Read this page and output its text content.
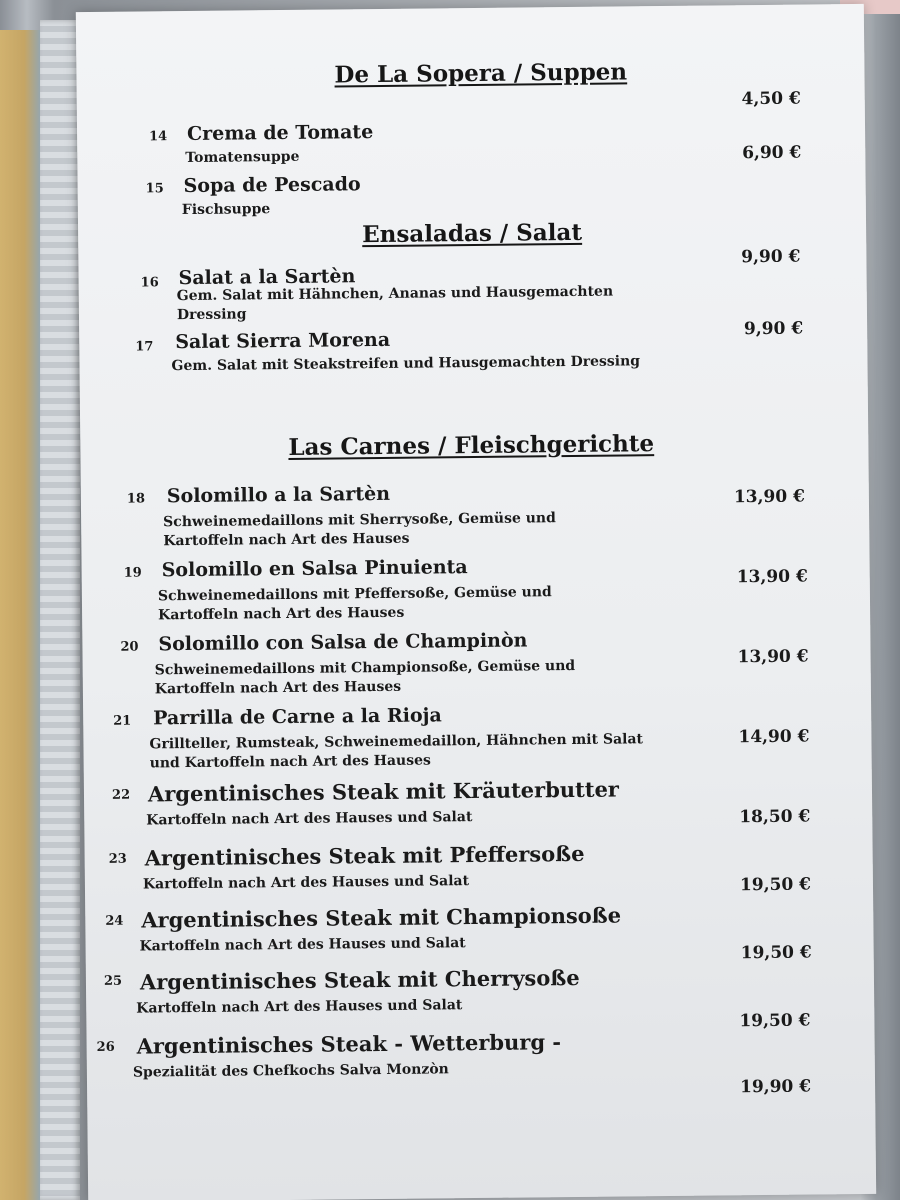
De La Sopera / Suppen
14 Crema de Tomate
Tomatensuppe
4,50 €
15 Sopa de Pescado
Fischsuppe
6,90 €
Ensaladas / Salat
16 Salat a la Sartèn
Gem. Salat mit Hähnchen, Ananas und Hausgemachten Dressing
9,90 €
17 Salat Sierra Morena
Gem. Salat mit Steakstreifen und Hausgemachten Dressing
9,90 €
Las Carnes / Fleischgerichte
18 Solomillo a la Sartèn
Schweinemedaillons mit Sherrysoße, Gemüse und Kartoffeln nach Art des Hauses
13,90 €
19 Solomillo en Salsa Pinuienta
Schweinemedaillons mit Pfeffersoße, Gemüse und Kartoffeln nach Art des Hauses
13,90 €
20 Solomillo con Salsa de Champinòn
Schweinemedaillons mit Championsoße, Gemüse und Kartoffeln nach Art des Hauses
13,90 €
21 Parrilla de Carne a la Rioja
Grillteller, Rumsteak, Schweinemedaillon, Hähnchen mit Salat und Kartoffeln nach Art des Hauses
14,90 €
22 Argentinisches Steak mit Kräuterbutter
Kartoffeln nach Art des Hauses und Salat	18,50 €
23 Argentinisches Steak mit Pfeffersoße
Kartoffeln nach Art des Hauses und Salat	19,50 €
24 Argentinisches Steak mit Championsoße
Kartoffeln nach Art des Hauses und Salat	19,50 €
25 Argentinisches Steak mit Cherrysoße
Kartoffeln nach Art des Hauses und Salat
19,50 €
26 Argentinisches Steak - Wetterburg -
Spezialität des Chefkochs Salva Monzòn
19,90 €
